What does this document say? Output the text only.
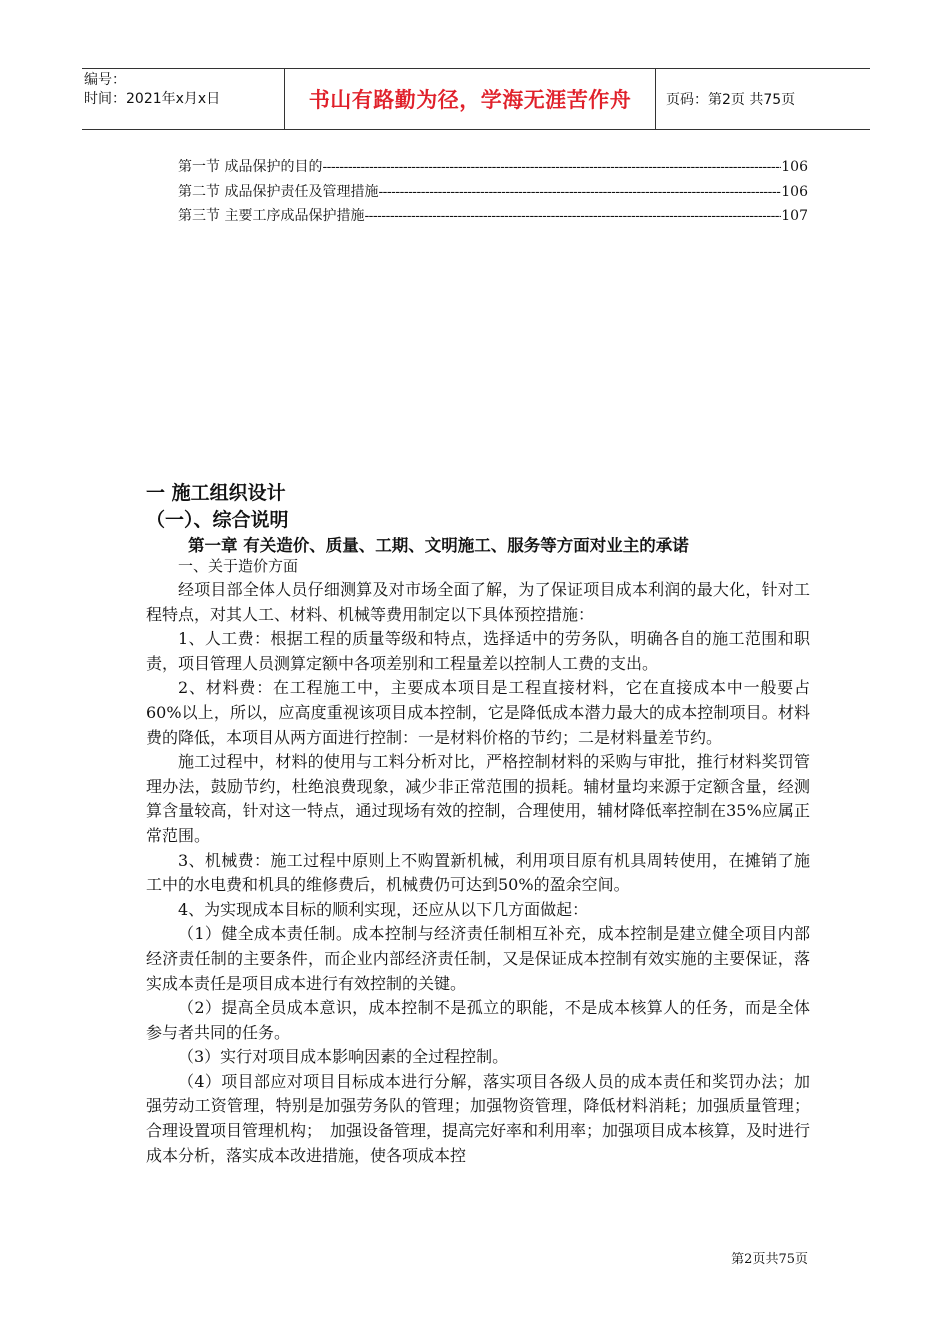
编号：
时间：2021年x月x日	书山有路勤为径，学海无涯苦作舟	页码：第2页 共75页
第一节 成品保护的目的 -----	106
第二节 成品保护责任及管理措施 -----	106
第三节 主要工序成品保护措施 -----	107
一 施工组织设计
（一）、综合说明
第一章 有关造价、质量、工期、文明施工、服务等方面对业主的承诺
一、关于造价方面

经项目部全体人员仔细测算及对市场全面了解，为了保证项目成本利润的最大化，针对工程特点，对其人工、材料、机械等费用制定以下具体预控措施：

1、人工费：根据工程的质量等级和特点，选择适中的劳务队，明确各自的施工范围和职责，项目管理人员测算定额中各项差别和工程量差以控制人工费的支出。

2、材料费：在工程施工中，主要成本项目是工程直接材料，它在直接成本中一般要占60%以上，所以，应高度重视该项目成本控制，它是降低成本潜力最大的成本控制项目。材料费的降低，本项目从两方面进行控制：一是材料价格的节约；二是材料量差节约。

施工过程中，材料的使用与工料分析对比，严格控制材料的采购与审批，推行材料奖罚管理办法，鼓励节约，杜绝浪费现象，减少非正常范围的损耗。辅材量均来源于定额含量，经测算含量较高，针对这一特点，通过现场有效的控制，合理使用，辅材降低率控制在35%应属正常范围。

3、机械费：施工过程中原则上不购置新机械，利用项目原有机具周转使用，在摊销了施工中的水电费和机具的维修费后，机械费仍可达到50%的盈余空间。

4、为实现成本目标的顺利实现，还应从以下几方面做起：

（1）健全成本责任制。成本控制与经济责任制相互补充，成本控制是建立健全项目内部经济责任制的主要条件，而企业内部经济责任制，又是保证成本控制有效实施的主要保证，落实成本责任是项目成本进行有效控制的关键。

（2）提高全员成本意识，成本控制不是孤立的职能，不是成本核算人的任务，而是全体参与者共同的任务。

（3）实行对项目成本影响因素的全过程控制。

（4）项目部应对项目目标成本进行分解，落实项目各级人员的成本责任和奖罚办法；加强劳动工资管理，特别是加强劳务队的管理；加强物资管理，降低材料消耗；加强质量管理；合理设置项目管理机构；　加强设备管理，提高完好率和利用率；加强项目成本核算，及时进行成本分析，落实成本改进措施，使各项成本控

第2页共75页
